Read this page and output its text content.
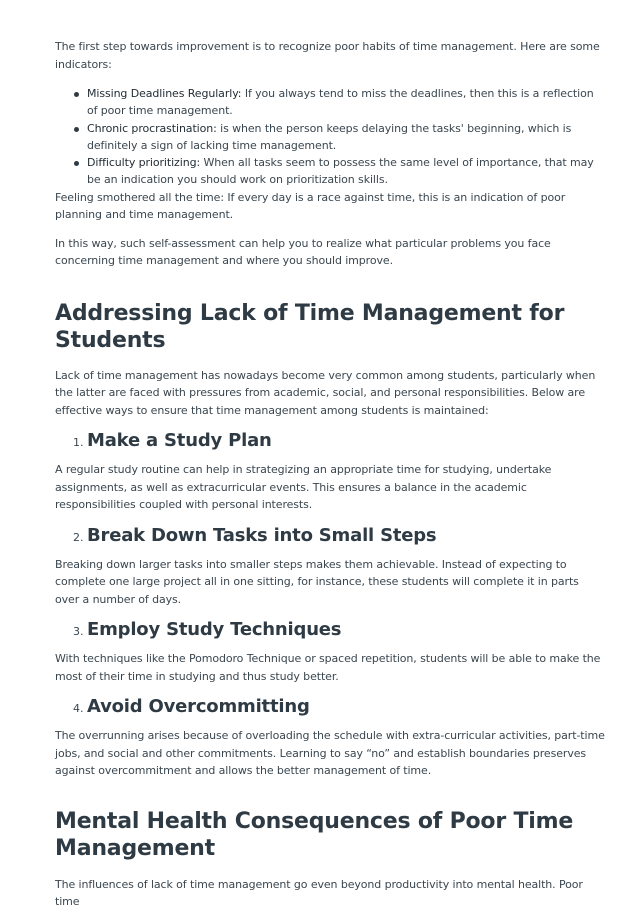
The first step towards improvement is to recognize poor habits of time management. Here are some indicators:

Missing Deadlines Regularly: If you always tend to miss the deadlines, then this is a reflection of poor time management.
Chronic procrastination: is when the person keeps delaying the tasks' beginning, which is definitely a sign of lacking time management.
Difficulty prioritizing: When all tasks seem to possess the same level of importance, that may be an indication you should work on prioritization skills.

Feeling smothered all the time: If every day is a race against time, this is an indication of poor planning and time management.

In this way, such self-assessment can help you to realize what particular problems you face concerning time management and where you should improve.

Addressing Lack of Time Management for Students

Lack of time management has nowadays become very common among students, particularly when the latter are faced with pressures from academic, social, and personal responsibilities. Below are effective ways to ensure that time management among students is maintained:

1. Make a Study Plan

A regular study routine can help in strategizing an appropriate time for studying, undertake assignments, as well as extracurricular events. This ensures a balance in the academic responsibilities coupled with personal interests.

2. Break Down Tasks into Small Steps

Breaking down larger tasks into smaller steps makes them achievable. Instead of expecting to complete one large project all in one sitting, for instance, these students will complete it in parts over a number of days.

3. Employ Study Techniques

With techniques like the Pomodoro Technique or spaced repetition, students will be able to make the most of their time in studying and thus study better.

4. Avoid Overcommitting

The overrunning arises because of overloading the schedule with extra-curricular activities, part-time jobs, and social and other commitments. Learning to say “no” and establish boundaries preserves against overcommitment and allows the better management of time.

Mental Health Consequences of Poor Time Management

The influences of lack of time management go even beyond productivity into mental health. Poor time
